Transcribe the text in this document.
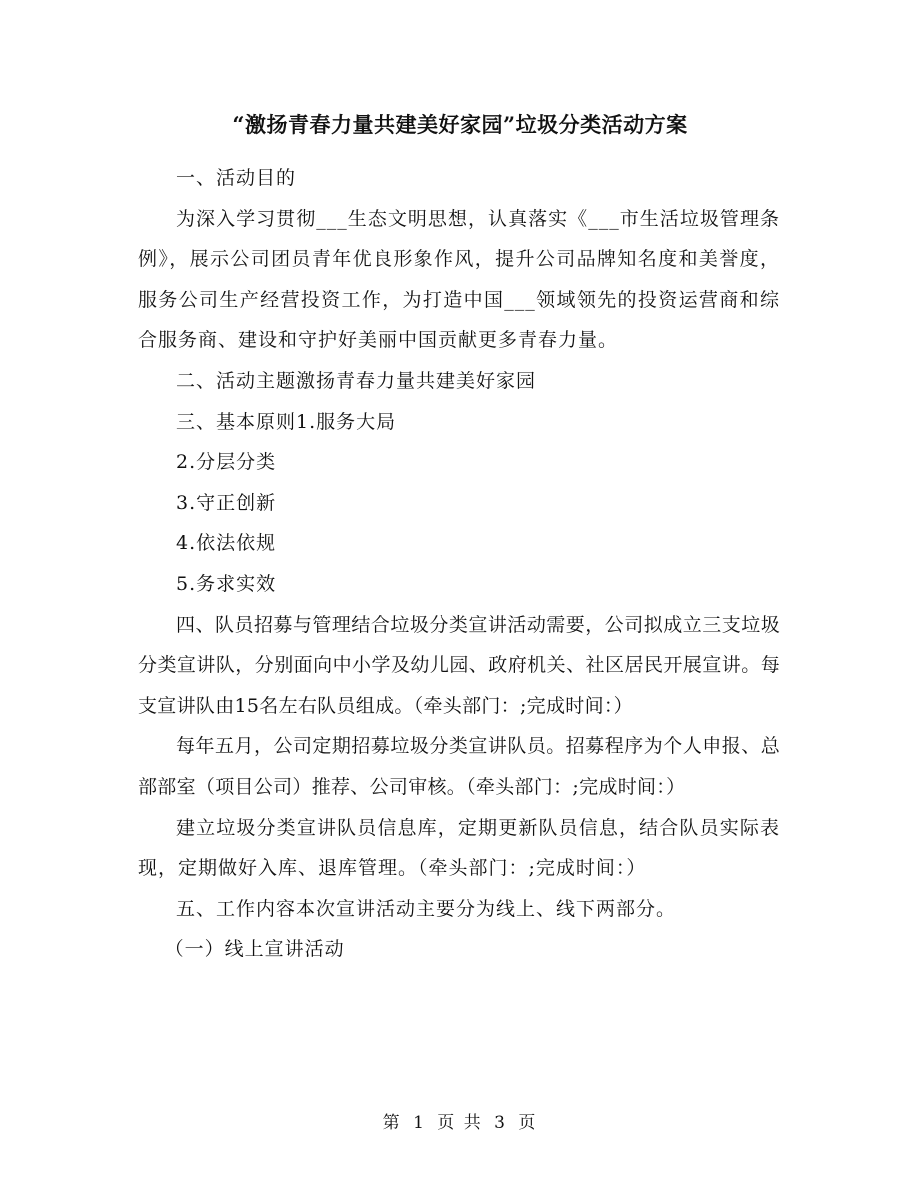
“激扬青春力量共建美好家园”垃圾分类活动方案

一、活动目的

为深入学习贯彻___生态文明思想，认真落实《___市生活垃圾管理条例》，展示公司团员青年优良形象作风，提升公司品牌知名度和美誉度，服务公司生产经营投资工作，为打造中国___领域领先的投资运营商和综合服务商、建设和守护好美丽中国贡献更多青春力量。

二、活动主题激扬青春力量共建美好家园

三、基本原则1.服务大局

2.分层分类

3.守正创新

4.依法依规

5.务求实效

四、队员招募与管理结合垃圾分类宣讲活动需要，公司拟成立三支垃圾分类宣讲队，分别面向中小学及幼儿园、政府机关、社区居民开展宣讲。每支宣讲队由15名左右队员组成。（牵头部门：;完成时间：）

每年五月，公司定期招募垃圾分类宣讲队员。招募程序为个人申报、总部部室（项目公司）推荐、公司审核。（牵头部门：;完成时间：）

建立垃圾分类宣讲队员信息库，定期更新队员信息，结合队员实际表现，定期做好入库、退库管理。（牵头部门：;完成时间：）

五、工作内容本次宣讲活动主要分为线上、线下两部分。

（一）线上宣讲活动

第 1 页 共 3 页
